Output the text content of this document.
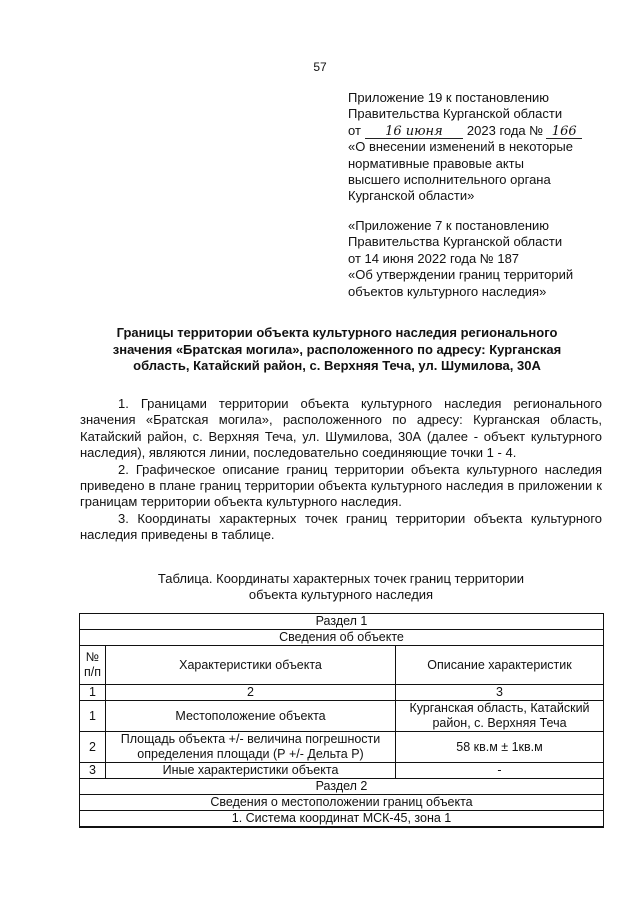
57
Приложение 19 к постановлению
Правительства Курганской области
от 16 июня 2023 года № 166
«О внесении изменений в некоторые
нормативные правовые акты
высшего исполнительного органа
Курганской области»
«Приложение 7 к постановлению
Правительства Курганской области
от 14 июня 2022 года № 187
«Об утверждении границ территорий
объектов культурного наследия»
Границы территории объекта культурного наследия регионального значения «Братская могила», расположенного по адресу: Курганская область, Катайский район, с. Верхняя Теча, ул. Шумилова, 30А

1. Границами территории объекта культурного наследия регионального значения «Братская могила», расположенного по адресу: Курганская область, Катайский район, с. Верхняя Теча, ул. Шумилова, 30А (далее - объект культурного наследия), являются линии, последовательно соединяющие точки 1 - 4.

2. Графическое описание границ территории объекта культурного наследия приведено в плане границ территории объекта культурного наследия в приложении к границам территории объекта культурного наследия.

3. Координаты характерных точек границ территории объекта культурного наследия приведены в таблице.

Таблица. Координаты характерных точек границ территории
объекта культурного наследия
Раздел 1		
Сведения об объекте		
№ п/п	Характеристики объекта	Описание характеристик
1	2	3
1	Местоположение объекта	Курганская область, Катайский район, с. Верхняя Теча
2	Площадь объекта +/- величина погрешности определения площади (Р +/- Дельта Р)	58 кв.м ± 1кв.м
3	Иные характеристики объекта	-
Раздел 2		
Сведения о местоположении границ объекта		
1. Система координат МСК-45, зона 1		
